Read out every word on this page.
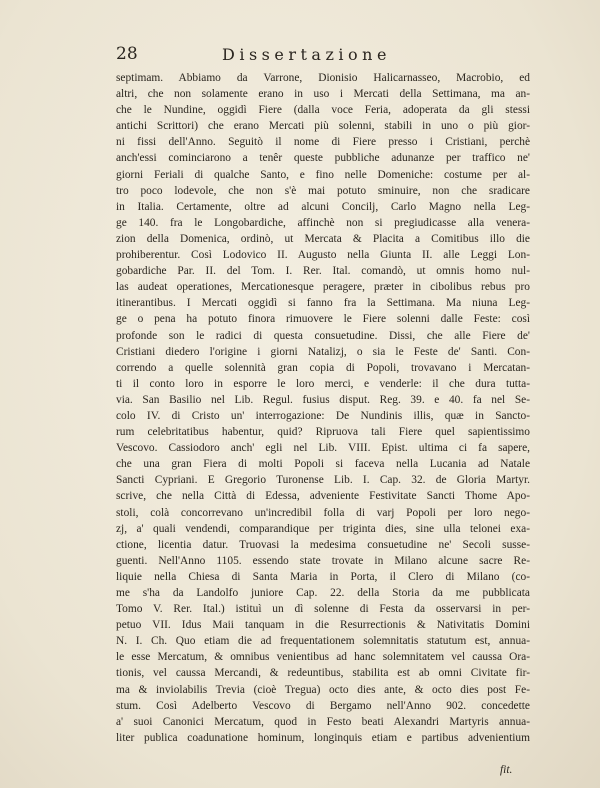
28	Dissertazione
septimam. Abbiamo da Varrone, Dionisio Halicarnasseo, Macrobio, ed
altri, che non solamente erano in uso i Mercati della Settimana, ma an-
che le Nundine, oggidì Fiere (dalla voce Feria, adoperata da gli stessi
antichi Scrittori) che erano Mercati più solenni, stabili in uno o più gior-
ni fissi dell'Anno. Seguitò il nome di Fiere presso i Cristiani, perchè
anch'essi cominciarono a tenêr queste pubbliche adunanze per traffico ne'
giorni Feriali di qualche Santo, e fino nelle Domeniche: costume per al-
tro poco lodevole, che non s'è mai potuto sminuire, non che sradicare
in Italia. Certamente, oltre ad alcuni Concilj, Carlo Magno nella Leg-
ge 140. fra le Longobardiche, affinchè non si pregiudicasse alla venera-
zion della Domenica, ordinò, ut Mercata & Placita a Comitibus illo die
prohiberentur. Così Lodovico II. Augusto nella Giunta II. alle Leggi Lon-
gobardiche Par. II. del Tom. I. Rer. Ital. comandò, ut omnis homo nul-
las audeat operationes, Mercationesque peragere, præter in cibolibus rebus pro
itinerantibus. I Mercati oggidì si fanno fra la Settimana. Ma niuna Leg-
ge o pena ha potuto finora rimuovere le Fiere solenni dalle Feste: così
profonde son le radici di questa consuetudine. Dissi, che alle Fiere de'
Cristiani diedero l'origine i giorni Natalizj, o sia le Feste de' Santi. Con-
correndo a quelle solennità gran copia di Popoli, trovavano i Mercatan-
ti il conto loro in esporre le loro merci, e venderle: il che dura tutta-
via. San Basilio nel Lib. Regul. fusius disput. Reg. 39. e 40. fa nel Se-
colo IV. di Cristo un' interrogazione: De Nundinis illis, quæ in Sancto-
rum celebritatibus habentur, quid? Ripruova tali Fiere quel sapientissimo
Vescovo. Cassiodoro anch' egli nel Lib. VIII. Epist. ultima ci fa sapere,
che una gran Fiera di molti Popoli si faceva nella Lucania ad Natale
Sancti Cypriani. E Gregorio Turonense Lib. I. Cap. 32. de Gloria Martyr.
scrive, che nella Città di Edessa, adveniente Festivitate Sancti Thome Apo-
stoli, colà concorrevano un'incredibil folla di varj Popoli per loro nego-
zj, a' quali vendendi, comparandique per triginta dies, sine ulla telonei exa-
ctione, licentia datur. Truovasi la medesima consuetudine ne' Secoli susse-
guenti. Nell'Anno 1105. essendo state trovate in Milano alcune sacre Re-
liquie nella Chiesa di Santa Maria in Porta, il Clero di Milano (co-
me s'ha da Landolfo juniore Cap. 22. della Storia da me pubblicata
Tomo V. Rer. Ital.) istituì un dì solenne di Festa da osservarsi in per-
petuo VII. Idus Maii tanquam in die Resurrectionis & Nativitatis Domini
N. I. Ch. Quo etiam die ad frequentationem solemnitatis statutum est, annua-
le esse Mercatum, & omnibus venientibus ad hanc solemnitatem vel caussa Ora-
tionis, vel caussa Mercandi, & redeuntibus, stabilita est ab omni Civitate fir-
ma & inviolabilis Trevia (cioè Tregua) octo dies ante, & octo dies post Fe-
stum. Così Adelberto Vescovo di Bergamo nell'Anno 902. concedette
a' suoi Canonici Mercatum, quod in Festo beati Alexandri Martyris annua-
liter publica coadunatione hominum, longinquis etiam e partibus advenientium
fit.
